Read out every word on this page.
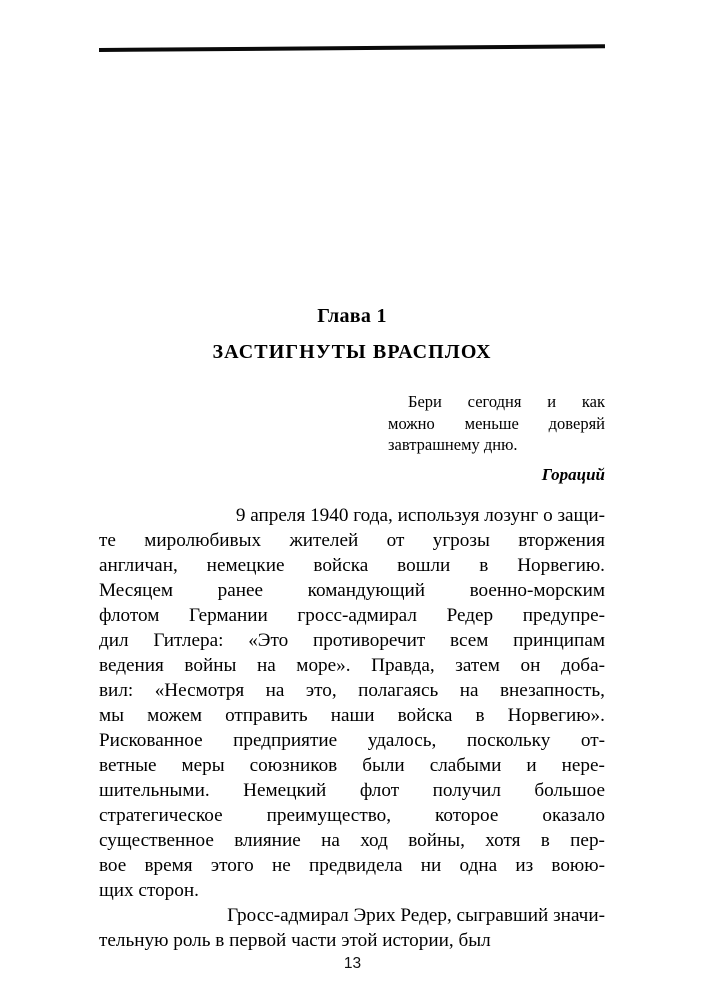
Глава 1
ЗАСТИГНУТЫ ВРАСПЛОХ
Бери сегодня и как
можно меньше доверяй
завтрашнему дню.
Гораций

9 апреля 1940 года, используя лозунг о защи-
те миролюбивых жителей от угрозы вторжения
англичан, немецкие войска вошли в Норвегию.
Месяцем ранее командующий военно-морским
флотом Германии гросс-адмирал Редер предупре-
дил Гитлера: «Это противоречит всем принципам
ведения войны на море». Правда, затем он доба-
вил: «Несмотря на это, полагаясь на внезапность,
мы можем отправить наши войска в Норвегию».
Рискованное предприятие удалось, поскольку от-
ветные меры союзников были слабыми и нере-
шительными. Немецкий флот получил большое
стратегическое преимущество, которое оказало
существенное влияние на ход войны, хотя в пер-
вое время этого не предвидела ни одна из воюю-
щих сторон.

Гросс-адмирал Эрих Редер, сыгравший значи-
тельную роль в первой части этой истории, был

13
